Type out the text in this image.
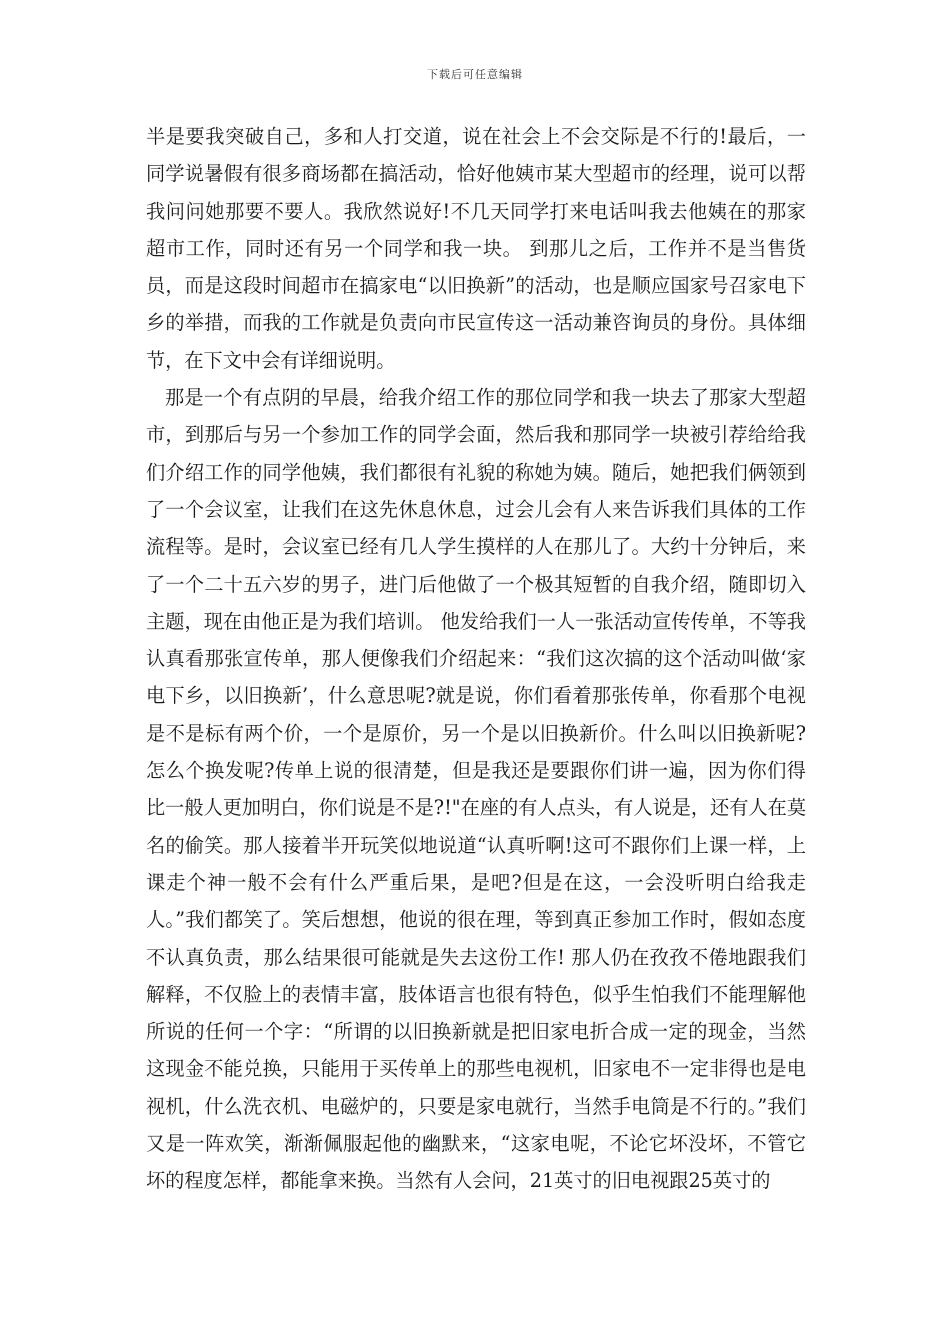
下载后可任意编辑

半是要我突破自己，多和人打交道，说在社会上不会交际是不行的!最后，一同学说暑假有很多商场都在搞活动，恰好他姨市某大型超市的经理，说可以帮我问问她那要不要人。我欣然说好!不几天同学打来电话叫我去他姨在的那家超市工作，同时还有另一个同学和我一块。 到那儿之后，工作并不是当售货员，而是这段时间超市在搞家电“以旧换新”的活动，也是顺应国家号召家电下乡的举措，而我的工作就是负责向市民宣传这一活动兼咨询员的身份。具体细节，在下文中会有详细说明。

那是一个有点阴的早晨，给我介绍工作的那位同学和我一块去了那家大型超市，到那后与另一个参加工作的同学会面，然后我和那同学一块被引荐给给我们介绍工作的同学他姨，我们都很有礼貌的称她为姨。随后，她把我们俩领到了一个会议室，让我们在这先休息休息，过会儿会有人来告诉我们具体的工作流程等。是时，会议室已经有几人学生摸样的人在那儿了。大约十分钟后，来了一个二十五六岁的男子，进门后他做了一个极其短暂的自我介绍，随即切入主题，现在由他正是为我们培训。 他发给我们一人一张活动宣传传单，不等我认真看那张宣传单，那人便像我们介绍起来：“我们这次搞的这个活动叫做‘家电下乡，以旧换新’，什么意思呢?就是说，你们看着那张传单，你看那个电视是不是标有两个价，一个是原价，另一个是以旧换新价。什么叫以旧换新呢?怎么个换发呢?传单上说的很清楚，但是我还是要跟你们讲一遍，因为你们得比一般人更加明白，你们说是不是?!"在座的有人点头，有人说是，还有人在莫名的偷笑。那人接着半开玩笑似地说道“认真听啊!这可不跟你们上课一样，上课走个神一般不会有什么严重后果，是吧?但是在这，一会没听明白给我走人。”我们都笑了。笑后想想，他说的很在理，等到真正参加工作时，假如态度不认真负责，那么结果很可能就是失去这份工作! 那人仍在孜孜不倦地跟我们解释，不仅脸上的表情丰富，肢体语言也很有特色，似乎生怕我们不能理解他所说的任何一个字：“所谓的以旧换新就是把旧家电折合成一定的现金，当然这现金不能兑换，只能用于买传单上的那些电视机，旧家电不一定非得也是电视机，什么洗衣机、电磁炉的，只要是家电就行，当然手电筒是不行的。”我们又是一阵欢笑，渐渐佩服起他的幽默来，“这家电呢，不论它坏没坏，不管它坏的程度怎样，都能拿来换。当然有人会问，21英寸的旧电视跟25英寸的
